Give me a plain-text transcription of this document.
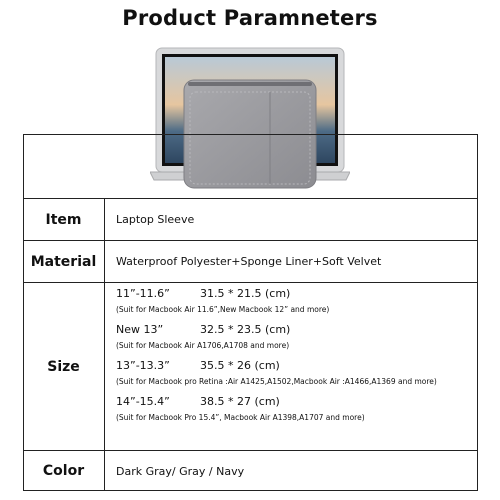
Product Paramneters
Item	Laptop Sleeve
Material	Waterproof Polyester+Sponge Liner+Soft Velvet
Size
11”-11.6”	31.5 * 21.5 (cm)
(Suit for Macbook Air 11.6”,New Macbook 12” and more)
New 13”	32.5 * 23.5 (cm)
(Suit for Macbook Air A1706,A1708 and more)
13”-13.3”	35.5 * 26 (cm)
(Suit for Macbook pro Retina :Air A1425,A1502,Macbook Air :A1466,A1369 and more)
14”-15.4”	38.5 * 27 (cm)
(Suit for Macbook Pro 15.4”, Macbook Air A1398,A1707 and more)
Color	Dark Gray/ Gray / Navy
